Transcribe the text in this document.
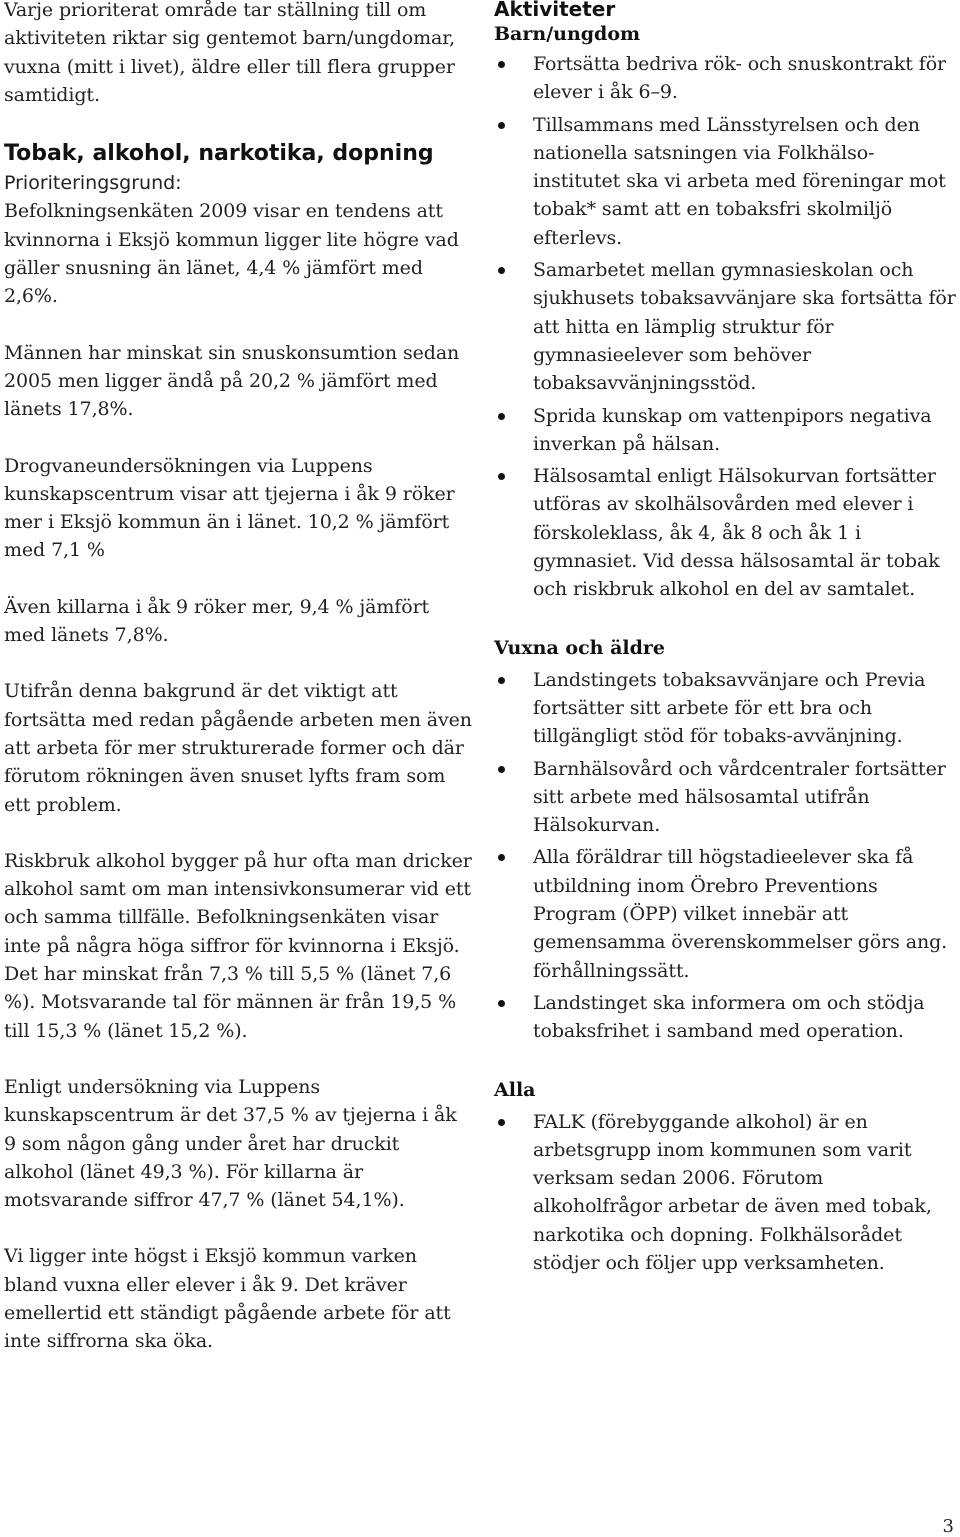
Varje prioriterat område tar ställning till om aktiviteten riktar sig gentemot barn/ungdomar, vuxna (mitt i livet), äldre eller till flera grupper samtidigt.

Tobak, alkohol, narkotika, dopning

Prioriteringsgrund:

Befolkningsenkäten 2009 visar en tendens att kvinnorna i Eksjö kommun ligger lite högre vad gäller snusning än länet, 4,4 % jämfört med 2,6%.

Männen har minskat sin snuskonsumtion sedan 2005 men ligger ändå på 20,2 % jämfört med länets 17,8%.

Drogvaneundersökningen via Luppens kunskapscentrum visar att tjejerna i åk 9 röker mer i Eksjö kommun än i länet. 10,2 % jämfört med 7,1 %

Även killarna i åk 9 röker mer, 9,4 % jämfört med länets 7,8%.

Utifrån denna bakgrund är det viktigt att fortsätta med redan pågående arbeten men även att arbeta för mer strukturerade former och där förutom rökningen även snuset lyfts fram som ett problem.

Riskbruk alkohol bygger på hur ofta man dricker alkohol samt om man intensivkonsumerar vid ett och samma tillfälle. Befolkningsenkäten visar inte på några höga siffror för kvinnorna i Eksjö. Det har minskat från 7,3 % till 5,5 % (länet 7,6 %). Motsvarande tal för männen är från 19,5 % till 15,3 % (länet 15,2 %).

Enligt undersökning via Luppens kunskapscentrum är det 37,5 % av tjejerna i åk 9 som någon gång under året har druckit alkohol (länet 49,3 %). För killarna är motsvarande siffror 47,7 % (länet 54,1%).

Vi ligger inte högst i Eksjö kommun varken bland vuxna eller elever i åk 9. Det kräver emellertid ett ständigt pågående arbete för att inte siffrorna ska öka.

Aktiviteter

Barn/ungdom

Fortsätta bedriva rök- och snuskontrakt för elever i åk 6–9.
Tillsammans med Länsstyrelsen och den nationella satsningen via Folkhälso-institutet ska vi arbeta med föreningar mot tobak* samt att en tobaksfri skolmiljö efterlevs.
Samarbetet mellan gymnasieskolan och sjukhusets tobaksavvänjare ska fortsätta för att hitta en lämplig struktur för gymnasieelever som behöver tobaksavvänjningsstöd.
Sprida kunskap om vattenpipors negativa inverkan på hälsan.
Hälsosamtal enligt Hälsokurvan fortsätter utföras av skolhälsovården med elever i förskoleklass, åk 4, åk 8 och åk 1 i gymnasiet. Vid dessa hälsosamtal är tobak och riskbruk alkohol en del av samtalet.

Vuxna och äldre

Landstingets tobaksavvänjare och Previa fortsätter sitt arbete för ett bra och tillgängligt stöd för tobaks-avvänjning.
Barnhälsovård och vårdcentraler fortsätter sitt arbete med hälsosamtal utifrån Hälsokurvan.
Alla föräldrar till högstadieelever ska få utbildning inom Örebro Preventions Program (ÖPP) vilket innebär att gemensamma överenskommelser görs ang. förhållningssätt.
Landstinget ska informera om och stödja tobaksfrihet i samband med operation.

Alla

FALK (förebyggande alkohol) är en arbetsgrupp inom kommunen som varit verksam sedan 2006. Förutom alkoholfrågor arbetar de även med tobak, narkotika och dopning. Folkhälsorådet stödjer och följer upp verksamheten.
3
